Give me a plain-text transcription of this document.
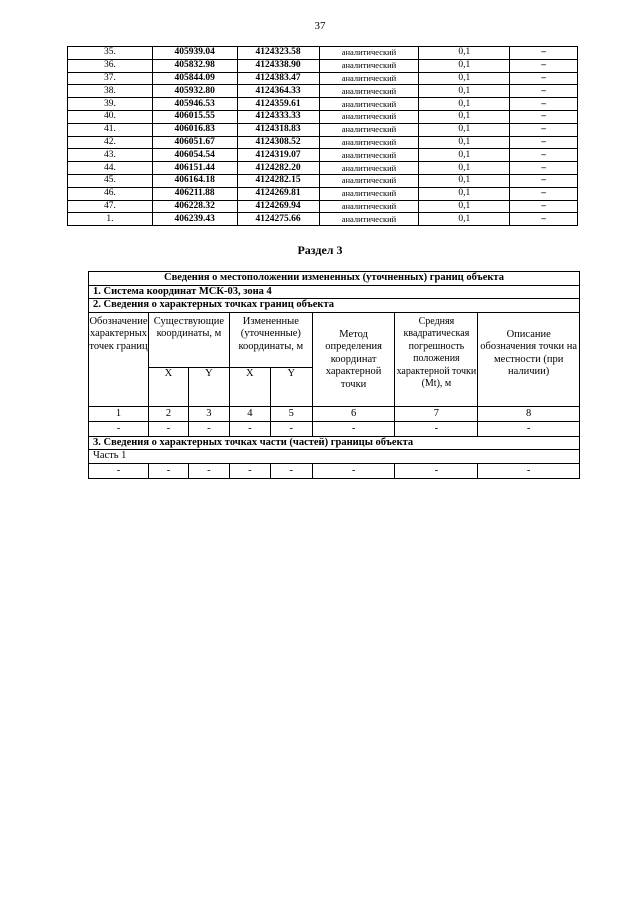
37
35.	405939.04	4124323.58	аналитический	0,1	–
36.	405832.98	4124338.90	аналитический	0,1	–
37.	405844.09	4124383.47	аналитический	0,1	–
38.	405932.80	4124364.33	аналитический	0,1	–
39.	405946.53	4124359.61	аналитический	0,1	–
40.	406015.55	4124333.33	аналитический	0,1	–
41.	406016.83	4124318.83	аналитический	0,1	–
42.	406051.67	4124308.52	аналитический	0,1	–
43.	406054.54	4124319.07	аналитический	0,1	–
44.	406151.44	4124282.20	аналитический	0,1	–
45.	406164.18	4124282.15	аналитический	0,1	–
46.	406211.88	4124269.81	аналитический	0,1	–
47.	406228.32	4124269.94	аналитический	0,1	–
1.	406239.43	4124275.66	аналитический	0,1	–
Раздел 3
Сведения о местоположении измененных (уточненных) границ объекта							
1. Система координат МСК-03, зона 4							
2. Сведения о характерных точках границ объекта							
Обозначение характерных точек границ	Существующие координаты, м		Измененные (уточненные) координаты, м		Метод определения координат характерной точки	Средняя квадратическая погрешность положения характерной точки (Mt), м	Описание обозначения точки на местности (при наличии)
	X	Y	X	Y			
1	2	3	4	5	6	7	8
-	-	-	-	-	-	-	-
3. Сведения о характерных точках части (частей) границы объекта							
Часть 1							
-	-	-	-	-	-	-	-
